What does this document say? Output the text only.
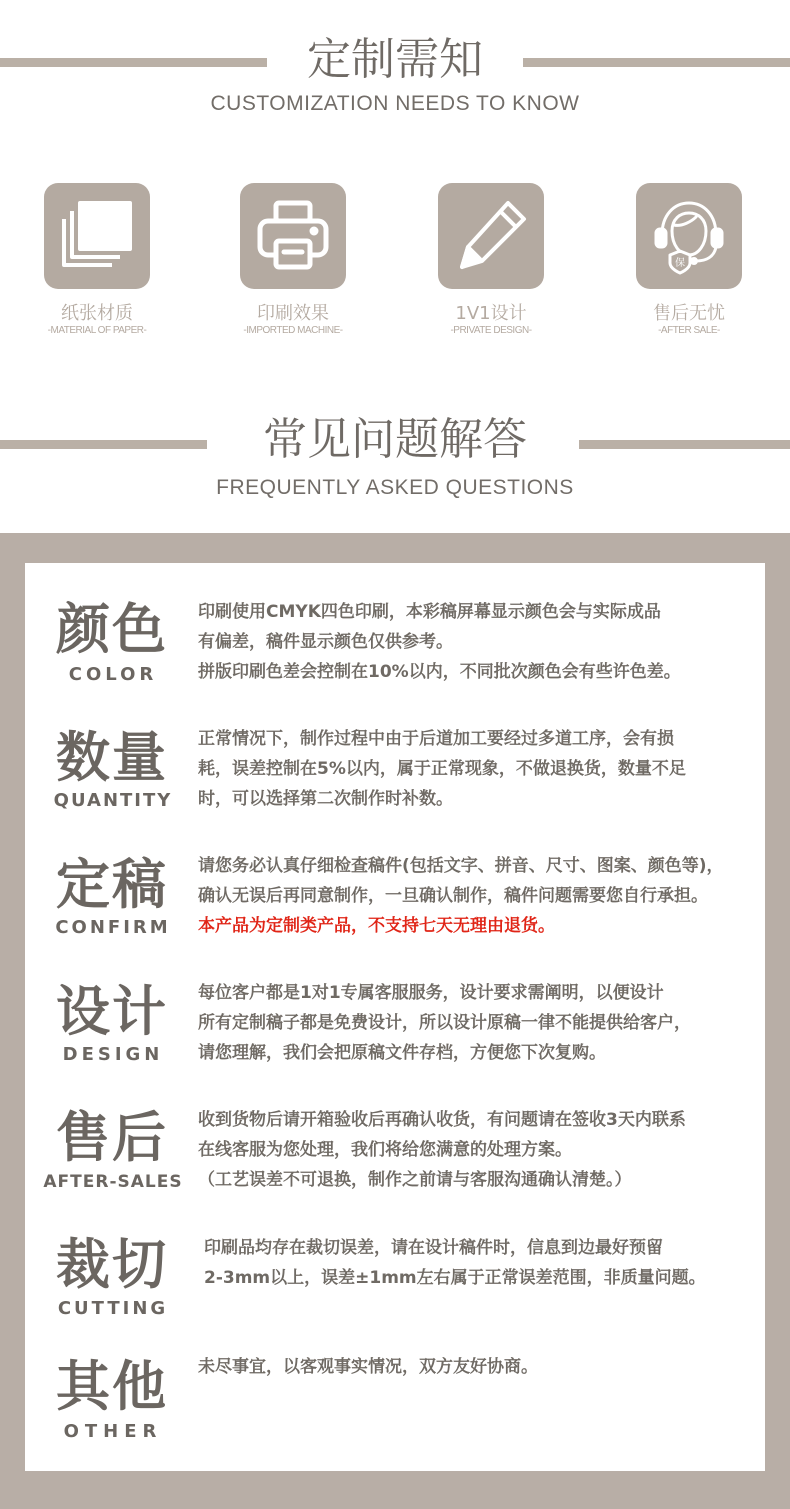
定制需知
CUSTOMIZATION NEEDS TO KNOW
纸张材质
-MATERIAL OF PAPER-
印刷效果
-IMPORTED MACHINE-
1V1设计
-PRIVATE DESIGN-
保
售后无忧
-AFTER SALE-
常见问题解答
FREQUENTLY ASKED QUESTIONS
颜色
COLOR

印刷使用CMYK四色印刷，本彩稿屏幕显示颜色会与实际成品

有偏差，稿件显示颜色仅供参考。

拼版印刷色差会控制在10%以内，不同批次颜色会有些许色差。

数量
QUANTITY

正常情况下，制作过程中由于后道加工要经过多道工序，会有损

耗，误差控制在5%以内，属于正常现象，不做退换货，数量不足

时，可以选择第二次制作时补数。

定稿
CONFIRM

请您务必认真仔细检查稿件(包括文字、拼音、尺寸、图案、颜色等)，

确认无误后再同意制作，一旦确认制作，稿件问题需要您自行承担。

本产品为定制类产品，不支持七天无理由退货。

设计
DESIGN

每位客户都是1对1专属客服服务，设计要求需阐明，以便设计

所有定制稿子都是免费设计，所以设计原稿一律不能提供给客户，

请您理解，我们会把原稿文件存档，方便您下次复购。

售后
AFTER-SALES

收到货物后请开箱验收后再确认收货，有问题请在签收3天内联系

在线客服为您处理，我们将给您满意的处理方案。

（工艺误差不可退换，制作之前请与客服沟通确认清楚。）

裁切
CUTTING

印刷品均存在裁切误差，请在设计稿件时，信息到边最好预留

2-3mm以上，误差±1mm左右属于正常误差范围，非质量问题。

其他
OTHER

未尽事宜，以客观事实情况，双方友好协商。
